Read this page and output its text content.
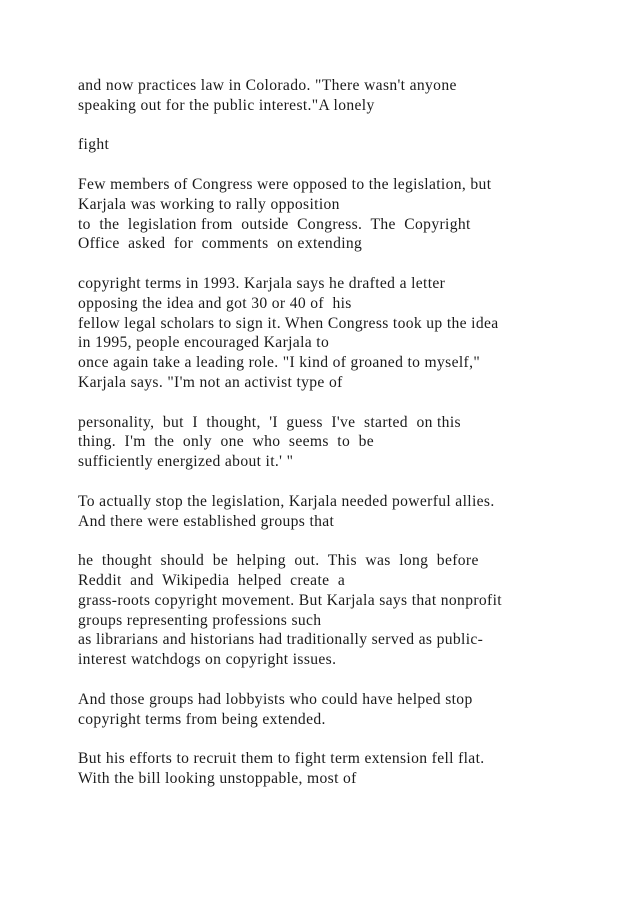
and now practices law in Colorado. "There wasn't anyone
speaking out for the public interest."A lonely

fight

Few members of Congress were opposed to the legislation, but
Karjala was working to rally opposition
to  the  legislation from  outside  Congress.  The  Copyright
Office  asked  for  comments  on extending

copyright terms in 1993. Karjala says he drafted a letter
opposing the idea and got 30 or 40 of  his
fellow legal scholars to sign it. When Congress took up the idea
in 1995, people encouraged Karjala to
once again take a leading role. "I kind of groaned to myself,"
Karjala says. "I'm not an activist type of

personality,  but  I  thought,  'I  guess  I've  started  on this
thing.  I'm  the  only  one  who  seems  to  be
sufficiently energized about it.' "

To actually stop the legislation, Karjala needed powerful allies.
And there were established groups that

he  thought  should  be  helping  out.  This  was  long  before
Reddit  and  Wikipedia  helped  create  a
grass-roots copyright movement. But Karjala says that nonprofit
groups representing professions such
as librarians and historians had traditionally served as public-
interest watchdogs on copyright issues.

And those groups had lobbyists who could have helped stop
copyright terms from being extended.

But his efforts to recruit them to fight term extension fell flat.
With the bill looking unstoppable, most of
